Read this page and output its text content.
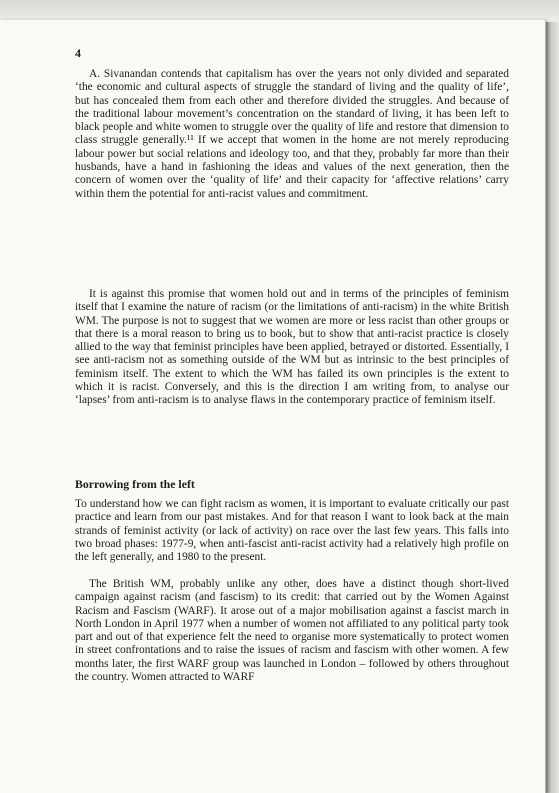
4

A. Sivanandan contends that capitalism has over the years not only divided and separated ‘the economic and cultural aspects of struggle the standard of living and the quality of life’, but has concealed them from each other and therefore divided the struggles. And because of the traditional labour movement’s concentration on the standard of living, it has been left to black people and white women to struggle over the quality of life and restore that dimension to class struggle generally.¹¹ If we accept that women in the home are not merely reproducing labour power but social relations and ideology too, and that they, probably far more than their husbands, have a hand in fashioning the ideas and values of the next generation, then the concern of women over the ‘quality of life’ and their capacity for ‘affective relations’ carry within them the potential for anti-racist values and commitment.

It is against this promise that women hold out and in terms of the principles of feminism itself that I examine the nature of racism (or the limitations of anti-racism) in the white British WM. The purpose is not to suggest that we women are more or less racist than other groups or that there is a moral reason to bring us to book, but to show that anti-racist practice is closely allied to the way that feminist principles have been applied, betrayed or distorted. Essentially, I see anti-racism not as something outside of the WM but as intrinsic to the best principles of feminism itself. The extent to which the WM has failed its own principles is the extent to which it is racist. Conversely, and this is the direction I am writing from, to analyse our ‘lapses’ from anti-racism is to analyse flaws in the contemporary practice of feminism itself.

Borrowing from the left

To understand how we can fight racism as women, it is important to evaluate critically our past practice and learn from our past mistakes. And for that reason I want to look back at the main strands of feminist activity (or lack of activity) on race over the last few years. This falls into two broad phases: 1977-9, when anti-fascist anti-racist activity had a relatively high profile on the left generally, and 1980 to the present.

The British WM, probably unlike any other, does have a distinct though short-lived campaign against racism (and fascism) to its credit: that carried out by the Women Against Racism and Fascism (WARF). It arose out of a major mobilisation against a fascist march in North London in April 1977 when a number of women not affiliated to any political party took part and out of that experience felt the need to organise more systematically to protect women in street confrontations and to raise the issues of racism and fascism with other women. A few months later, the first WARF group was launched in London – followed by others throughout the country. Women attracted to WARF
